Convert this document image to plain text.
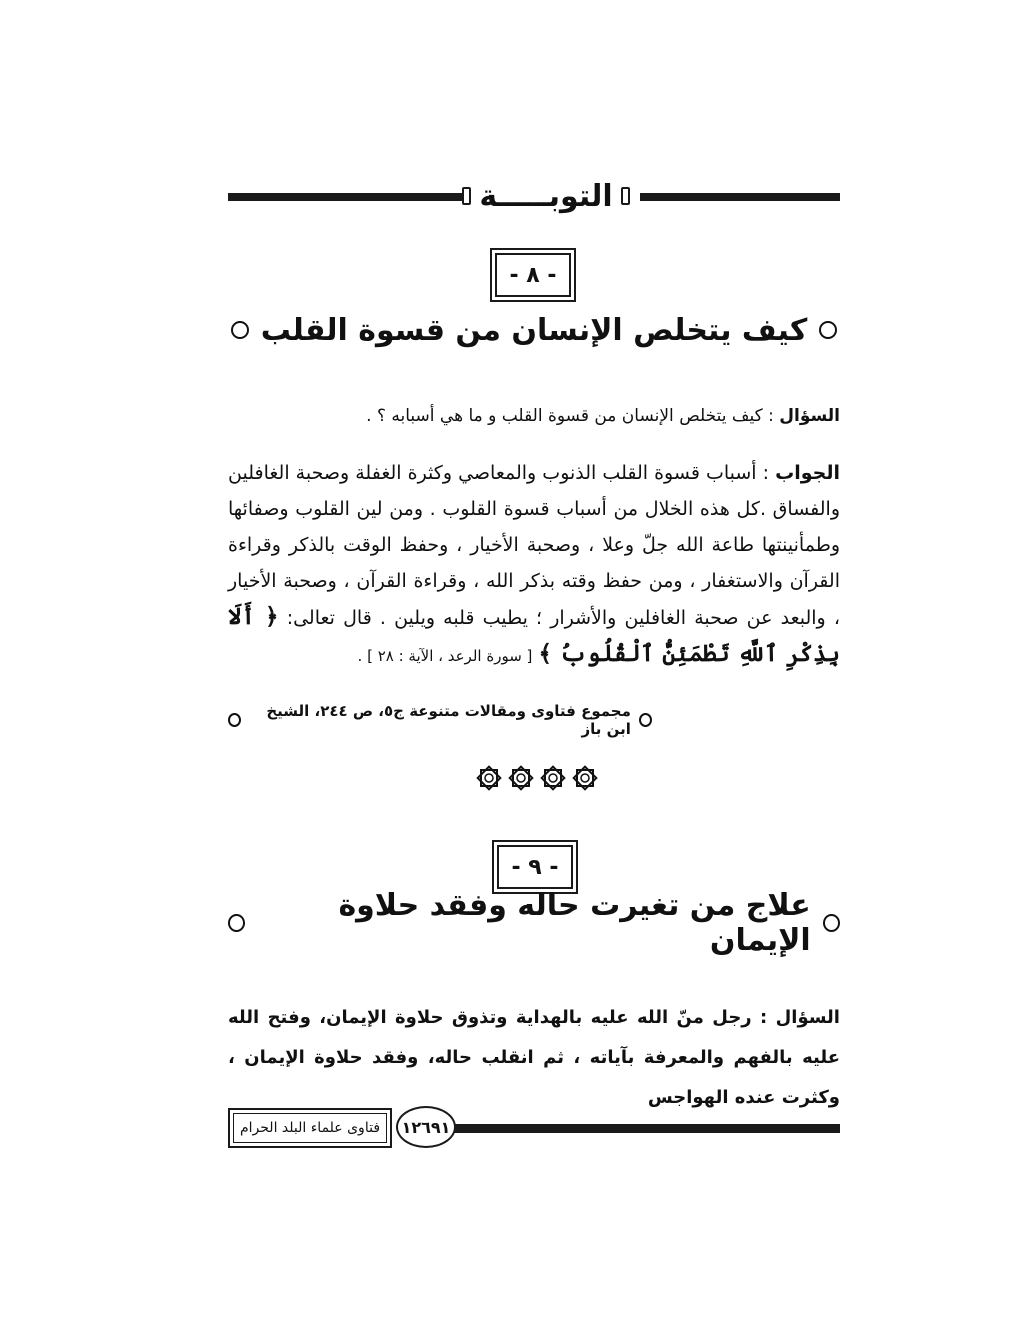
التوبـــــة
- ٨ -
كيف يتخلص الإنسان من قسوة القلب
السؤال : كيف يتخلص الإنسان من قسوة القلب و ما هي أسبابه ؟ .
الجواب : أسباب قسوة القلب الذنوب والمعاصي وكثرة الغفلة وصحبة الغافلين والفساق .كل هذه الخلال من أسباب قسوة القلوب . ومن لين القلوب وصفائها وطمأنينتها طاعة الله جلّ وعلا ، وصحبة الأخيار ، وحفظ الوقت بالذكر وقراءة القرآن والاستغفار ، ومن حفظ وقته بذكر الله ، وقراءة القرآن ، وصحبة الأخيار ، والبعد عن صحبة الغافلين والأشرار ؛ يطيب قلبه ويلين . قال تعالى: ﴿ أَلَا بِذِكْرِ ٱللَّهِ تَطْمَئِنُّ ٱلْقُلُوبُ ﴾ [ سورة الرعد ، الآية : ٢٨ ] .
مجموع فتاوى ومقالات متنوعة ج٥، ص ٢٤٤، الشيخ ابن باز
- ٩ -
علاج من تغيرت حاله وفقد حلاوة الإيمان
السؤال : رجل منّ الله عليه بالهداية وتذوق حلاوة الإيمان، وفتح الله عليه بالفهم والمعرفة بآياته ، ثم انقلب حاله، وفقد حلاوة الإيمان ، وكثرت عنده الهواجس
١٢٦٩١
فتاوى علماء البلد الحرام
